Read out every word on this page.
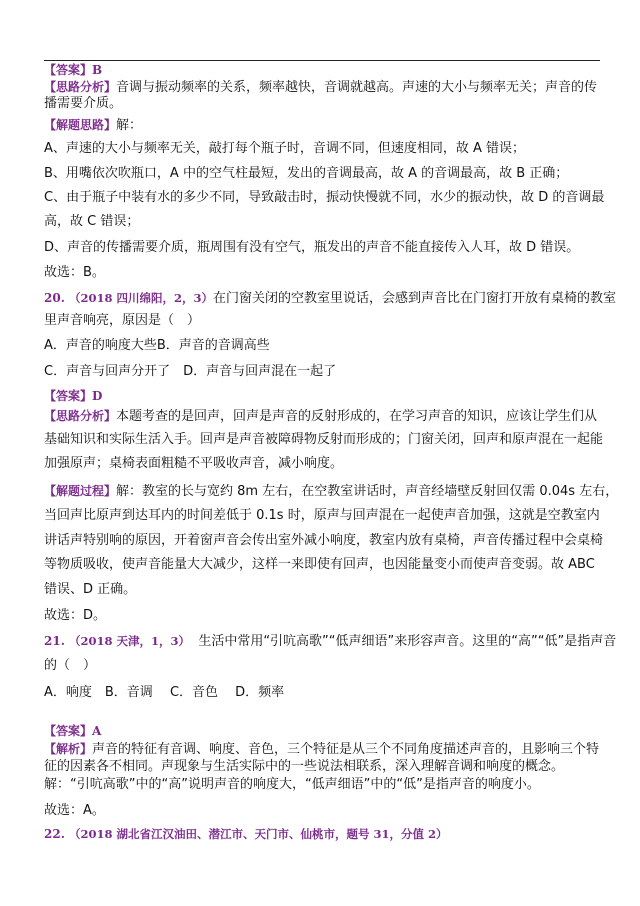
【答案】B
【思路分析】音调与振动频率的关系，频率越快，音调就越高。声速的大小与频率无关；声音的传
播需要介质。
【解题思路】解：
A、声速的大小与频率无关，敲打每个瓶子时，音调不同，但速度相同，故 A 错误；
B、用嘴依次吹瓶口，A 中的空气柱最短，发出的音调最高，故 A 的音调最高，故 B 正确；
C、由于瓶子中装有水的多少不同，导致敲击时，振动快慢就不同，水少的振动快，故 D 的音调最
高，故 C 错误；
D、声音的传播需要介质，瓶周围有没有空气，瓶发出的声音不能直接传入人耳，故 D 错误。
故选：B。
20. （2018 四川绵阳，2，3）在门窗关闭的空教室里说话，会感到声音比在门窗打开放有桌椅的教室
里声音响亮，原因是（　）
A．声音的响度大些B．声音的音调高些
C．声音与回声分开了　D．声音与回声混在一起了
【答案】D
【思路分析】本题考查的是回声，回声是声音的反射形成的，在学习声音的知识，应该让学生们从
基础知识和实际生活入手。回声是声音被障碍物反射而形成的；门窗关闭，回声和原声混在一起能
加强原声；桌椅表面粗糙不平吸收声音，减小响度。
【解题过程】解：教室的长与宽约 8m 左右，在空教室讲话时，声音经墙壁反射回仅需 0.04s 左右，
当回声比原声到达耳内的时间差低于 0.1s 时，原声与回声混在一起使声音加强，这就是空教室内
讲话声特别响的原因，开着窗声音会传出室外减小响度，教室内放有桌椅，声音传播过程中会桌椅
等物质吸收，使声音能量大大减少，这样一来即使有回声，也因能量变小而使声音变弱。故 ABC
错误、D 正确。
故选：D。
21. （2018 天津，1，3） 生活中常用“引吭高歌”“低声细语”来形容声音。这里的“高”“低”是指声音
的（　）
A．响度　B．音调　 C．音色　 D．频率
【答案】A
【解析】声音的特征有音调、响度、音色，三个特征是从三个不同角度描述声音的，且影响三个特
征的因素各不相同。声现象与生活实际中的一些说法相联系，深入理解音调和响度的概念。
解：“引吭高歌”中的“高”说明声音的响度大，“低声细语”中的“低”是指声音的响度小。
故选：A。
22. （2018 湖北省江汉油田、潜江市、天门市、仙桃市，题号 31，分值 2）
